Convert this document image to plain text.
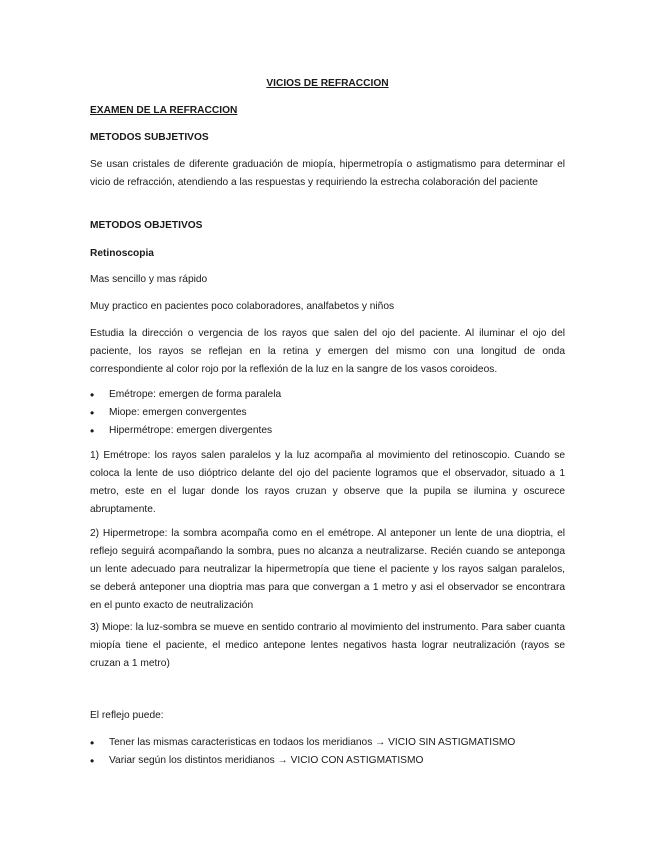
VICIOS DE REFRACCION
EXAMEN DE LA REFRACCION
METODOS SUBJETIVOS

Se usan cristales de diferente graduación de miopía, hipermetropía o astigmatismo para determinar el vicio de refracción, atendiendo a las respuestas y requiriendo la estrecha colaboración del paciente

METODOS OBJETIVOS
Retinoscopia

Mas sencillo y mas rápido

Muy practico en pacientes poco colaboradores, analfabetos y niños

Estudia la dirección o vergencia de los rayos que salen del ojo del paciente. Al iluminar el ojo del paciente, los rayos se reflejan en la retina y emergen del mismo con una longitud de onda correspondiente al color rojo por la reflexión de la luz en la sangre de los vasos coroideos.

• Emétrope: emergen de forma paralela
• Miope: emergen convergentes
• Hipermétrope: emergen divergentes

1) Emétrope: los rayos salen paralelos y la luz acompaña al movimiento del retinoscopio. Cuando se coloca la lente de uso dióptrico delante del ojo del paciente logramos que el observador, situado a 1 metro, este en el lugar donde los rayos cruzan y observe que la pupila se ilumina y oscurece abruptamente.

2) Hipermetrope: la sombra acompaña como en el emétrope. Al anteponer un lente de una dioptria, el reflejo seguirá acompañando la sombra, pues no alcanza a neutralizarse. Recién cuando se anteponga un lente adecuado para neutralizar la hipermetropía que tiene el paciente y los rayos salgan paralelos, se deberá anteponer una dioptria mas para que convergan a 1 metro y asi el observador se encontrara en el punto exacto de neutralización

3) Miope: la luz-sombra se mueve en sentido contrario al movimiento del instrumento. Para saber cuanta miopía tiene el paciente, el medico antepone lentes negativos hasta lograr neutralización (rayos se cruzan a 1 metro)

El reflejo puede:

• Tener las mismas caracteristicas en todaos los meridianos → VICIO SIN ASTIGMATISMO
• Variar según los distintos meridianos → VICIO CON ASTIGMATISMO
